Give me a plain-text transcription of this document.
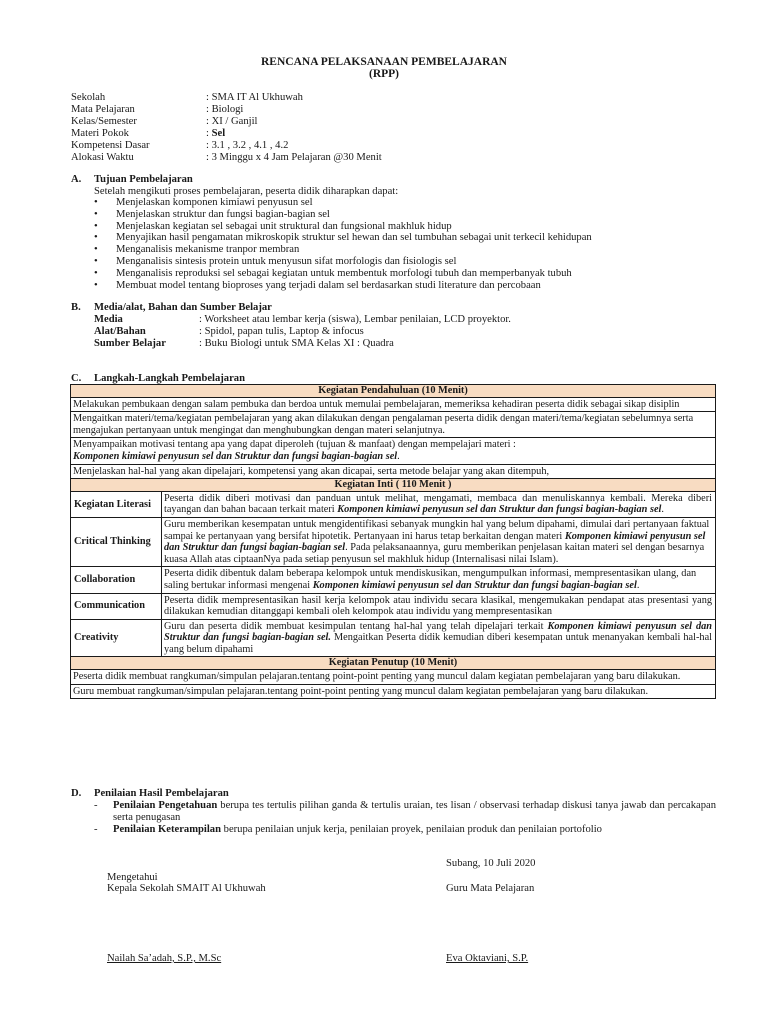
RENCANA PELAKSANAAN PEMBELAJARAN
(RPP)
Sekolah	: SMA IT Al Ukhuwah
Mata Pelajaran	: Biologi
Kelas/Semester	: XI / Ganjil
Materi Pokok	: Sel
Kompetensi Dasar	: 3.1 , 3.2 , 4.1 , 4.2
Alokasi Waktu	: 3 Minggu x 4 Jam Pelajaran @30 Menit
A. Tujuan Pembelajaran
Setelah mengikuti proses pembelajaran, peserta didik diharapkan dapat:
• Menjelaskan komponen kimiawi penyusun sel
• Menjelaskan struktur dan fungsi bagian-bagian sel
• Menjelaskan kegiatan sel sebagai unit struktural dan fungsional makhluk hidup
• Menyajikan hasil pengamatan mikroskopik struktur sel hewan dan sel tumbuhan sebagai unit terkecil kehidupan
• Menganalisis mekanisme tranpor membran
• Menganalisis sintesis protein untuk menyusun sifat morfologis dan fisiologis sel
• Menganalisis reproduksi sel sebagai kegiatan untuk membentuk morfologi tubuh dan memperbanyak tubuh
• Membuat model tentang bioproses yang terjadi dalam sel berdasarkan studi literature dan percobaan
B. Media/alat, Bahan dan Sumber Belajar
Media	: Worksheet atau lembar kerja (siswa), Lembar penilaian, LCD proyektor.
Alat/Bahan	: Spidol, papan tulis, Laptop & infocus
Sumber Belajar	: Buku Biologi untuk SMA Kelas XI : Quadra
C. Langkah-Langkah Pembelajaran
Kegiatan Pendahuluan (10 Menit)	
Melakukan pembukaan dengan salam pembuka dan berdoa untuk memulai pembelajaran, memeriksa kehadiran peserta didik sebagai sikap disiplin	
Mengaitkan materi/tema/kegiatan pembelajaran yang akan dilakukan dengan pengalaman peserta didik dengan materi/tema/kegiatan sebelumnya serta mengajukan pertanyaan untuk mengingat dan menghubungkan dengan materi selanjutnya.	
Menyampaikan motivasi tentang apa yang dapat diperoleh (tujuan & manfaat) dengan mempelajari materi :
Komponen kimiawi penyusun sel dan Struktur dan fungsi bagian-bagian sel.	
Menjelaskan hal-hal yang akan dipelajari, kompetensi yang akan dicapai, serta metode belajar yang akan ditempuh,	
Kegiatan Inti ( 110 Menit )	
Kegiatan Literasi	Peserta didik diberi motivasi dan panduan untuk melihat, mengamati, membaca dan menuliskannya kembali. Mereka diberi tayangan dan bahan bacaan terkait materi Komponen kimiawi penyusun sel dan Struktur dan fungsi bagian-bagian sel.
Critical Thinking	Guru memberikan kesempatan untuk mengidentifikasi sebanyak mungkin hal yang belum dipahami, dimulai dari pertanyaan faktual sampai ke pertanyaan yang bersifat hipotetik. Pertanyaan ini harus tetap berkaitan dengan materi Komponen kimiawi penyusun sel dan Struktur dan fungsi bagian-bagian sel. Pada pelaksanaannya, guru memberikan penjelasan kaitan materi sel dengan besarnya kuasa Allah atas ciptaanNya pada setiap penyusun sel makhluk hidup (Internalisasi nilai Islam).
Collaboration	Peserta didik dibentuk dalam beberapa kelompok untuk mendiskusikan, mengumpulkan informasi, mempresentasikan ulang, dan saling bertukar informasi mengenai Komponen kimiawi penyusun sel dan Struktur dan fungsi bagian-bagian sel.
Communication	Peserta didik mempresentasikan hasil kerja kelompok atau individu secara klasikal, mengemukakan pendapat atas presentasi yang dilakukan kemudian ditanggapi kembali oleh kelompok atau individu yang mempresentasikan
Creativity	Guru dan peserta didik membuat kesimpulan tentang hal-hal yang telah dipelajari terkait Komponen kimiawi penyusun sel dan Struktur dan fungsi bagian-bagian sel. Mengaitkan Peserta didik kemudian diberi kesempatan untuk menanyakan kembali hal-hal yang belum dipahami
Kegiatan Penutup (10 Menit)	
Peserta didik membuat rangkuman/simpulan pelajaran.tentang point-point penting yang muncul dalam kegiatan pembelajaran yang baru dilakukan.	
Guru membuat rangkuman/simpulan pelajaran.tentang point-point penting yang muncul dalam kegiatan pembelajaran yang baru dilakukan.	
D. Penilaian Hasil Pembelajaran
- Penilaian Pengetahuan berupa tes tertulis pilihan ganda & tertulis uraian, tes lisan / observasi terhadap diskusi tanya jawab dan percakapan serta penugasan
- Penilaian Keterampilan berupa penilaian unjuk kerja, penilaian proyek, penilaian produk dan penilaian portofolio
Subang, 10 Juli 2020
Mengetahui
Kepala Sekolah SMAIT Al Ukhuwah	Guru Mata Pelajaran
Nailah Sa’adah, S.P., M.Sc	Eva Oktaviani, S.P.
